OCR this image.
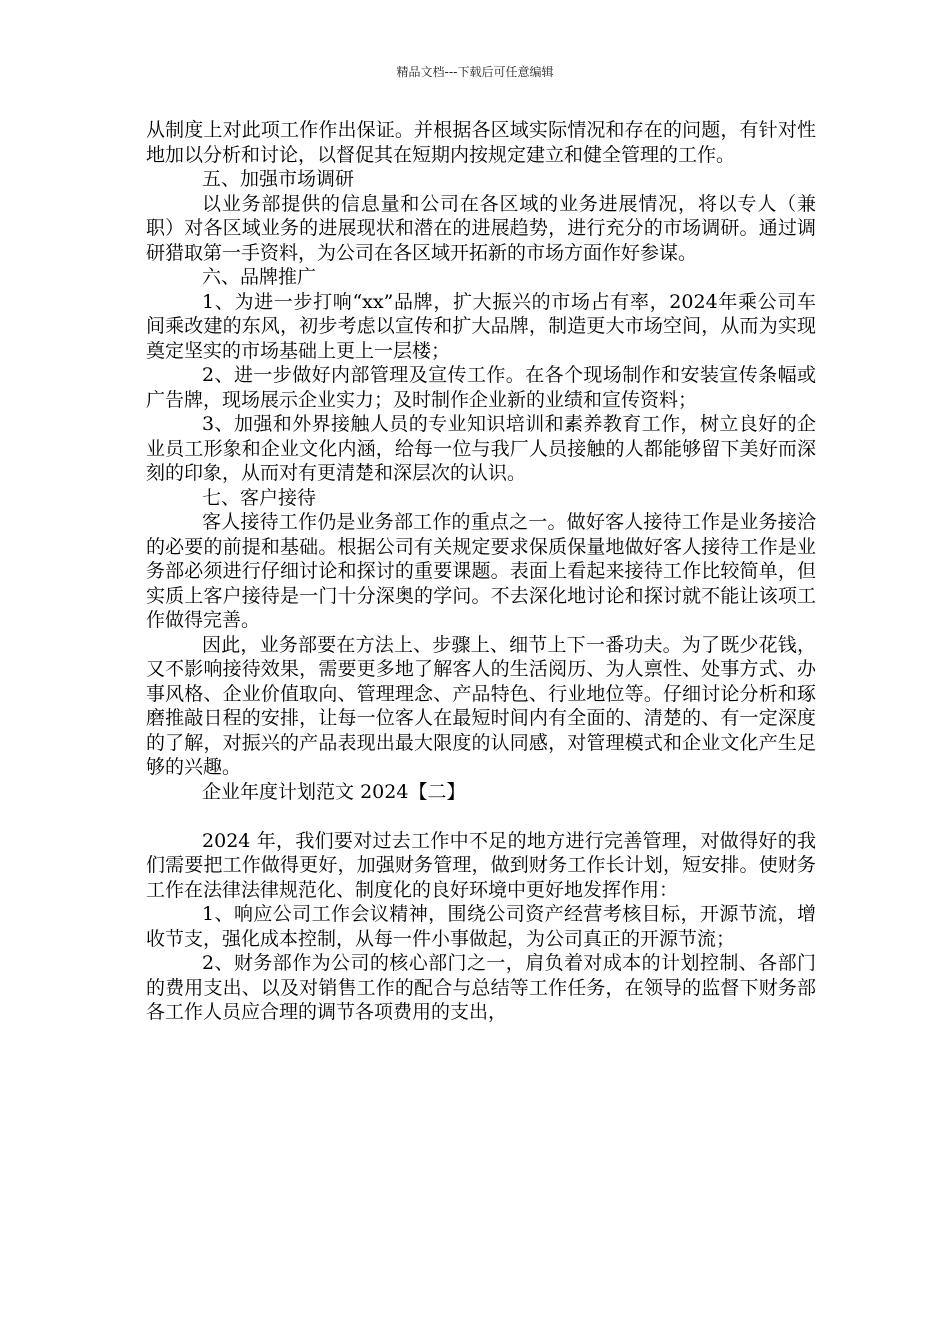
精品文档---下载后可任意编辑

从制度上对此项工作作出保证。并根据各区域实际情况和存在的问题，有针对性地加以分析和讨论，以督促其在短期内按规定建立和健全管理的工作。

五、加强市场调研

以业务部提供的信息量和公司在各区域的业务进展情况，将以专人（兼职）对各区域业务的进展现状和潜在的进展趋势，进行充分的市场调研。通过调研猎取第一手资料，为公司在各区域开拓新的市场方面作好参谋。

六、品牌推广

1、为进一步打响“xx”品牌，扩大振兴的市场占有率，2024年乘公司车间乘改建的东风，初步考虑以宣传和扩大品牌，制造更大市场空间，从而为实现奠定坚实的市场基础上更上一层楼；

2、进一步做好内部管理及宣传工作。在各个现场制作和安装宣传条幅或广告牌，现场展示企业实力；及时制作企业新的业绩和宣传资料；

3、加强和外界接触人员的专业知识培训和素养教育工作，树立良好的企业员工形象和企业文化内涵，给每一位与我厂人员接触的人都能够留下美好而深刻的印象，从而对有更清楚和深层次的认识。

七、客户接待

客人接待工作仍是业务部工作的重点之一。做好客人接待工作是业务接洽的必要的前提和基础。根据公司有关规定要求保质保量地做好客人接待工作是业务部必须进行仔细讨论和探讨的重要课题。表面上看起来接待工作比较简单，但实质上客户接待是一门十分深奥的学问。不去深化地讨论和探讨就不能让该项工作做得完善。

因此，业务部要在方法上、步骤上、细节上下一番功夫。为了既少花钱，又不影响接待效果，需要更多地了解客人的生活阅历、为人禀性、处事方式、办事风格、企业价值取向、管理理念、产品特色、行业地位等。仔细讨论分析和琢磨推敲日程的安排，让每一位客人在最短时间内有全面的、清楚的、有一定深度的了解，对振兴的产品表现出最大限度的认同感，对管理模式和企业文化产生足够的兴趣。

企业年度计划范文 2024【二】

2024 年，我们要对过去工作中不足的地方进行完善管理，对做得好的我们需要把工作做得更好，加强财务管理，做到财务工作长计划，短安排。使财务工作在法律法律规范化、制度化的良好环境中更好地发挥作用：

1、响应公司工作会议精神，围绕公司资产经营考核目标，开源节流，增收节支，强化成本控制，从每一件小事做起，为公司真正的开源节流；

2、财务部作为公司的核心部门之一，肩负着对成本的计划控制、各部门的费用支出、以及对销售工作的配合与总结等工作任务，在领导的监督下财务部各工作人员应合理的调节各项费用的支出，
